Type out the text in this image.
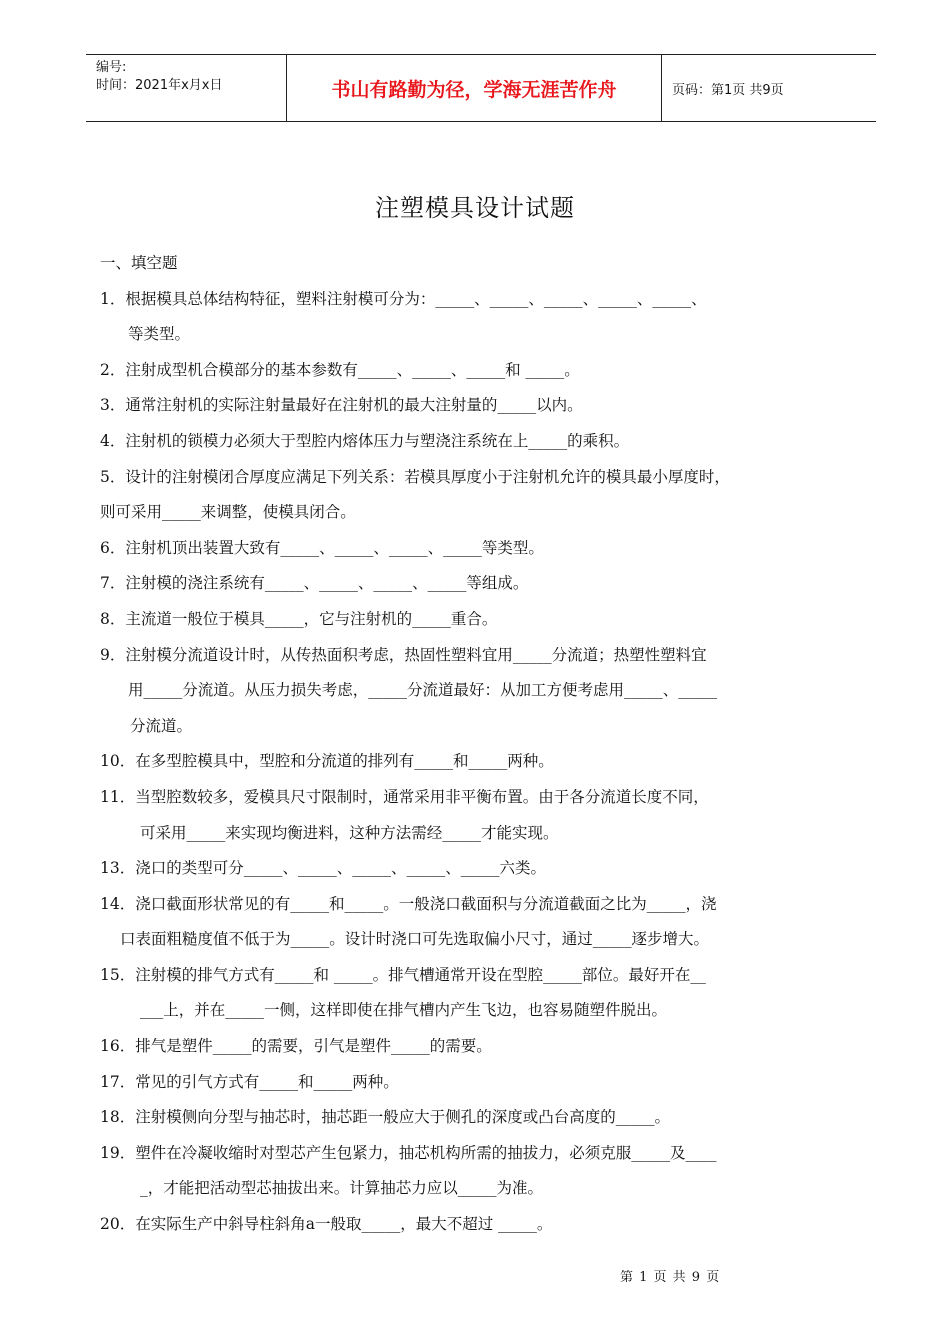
编号:
时间：2021年x月x日	书山有路勤为径，学海无涯苦作舟	页码：第1页 共9页
注塑模具设计试题
一、填空题
1．根据模具总体结构特征，塑料注射模可分为：_____、_____、_____、_____、_____、
等类型。
2．注射成型机合模部分的基本参数有_____、_____、_____和 _____。
3．通常注射机的实际注射量最好在注射机的最大注射量的_____以内。
4．注射机的锁模力必须大于型腔内熔体压力与塑浇注系统在上_____的乘积。
5．设计的注射模闭合厚度应满足下列关系：若模具厚度小于注射机允许的模具最小厚度时，
则可采用_____来调整，使模具闭合。
6．注射机顶出装置大致有_____、_____、_____、_____等类型。
7．注射模的浇注系统有_____、_____、_____、_____等组成。
8．主流道一般位于模具_____，它与注射机的_____重合。
9．注射模分流道设计时，从传热面积考虑，热固性塑料宜用_____分流道；热塑性塑料宜
用_____分流道。从压力损失考虑，_____分流道最好：从加工方便考虑用_____、_____
分流道。
10．在多型腔模具中，型腔和分流道的排列有_____和_____两种。
11．当型腔数较多，爱模具尺寸限制时，通常采用非平衡布置。由于各分流道长度不同，
可采用_____来实现均衡进料，这种方法需经_____才能实现。
13．浇口的类型可分_____、_____、_____、_____、_____六类。
14．浇口截面形状常见的有_____和_____。一般浇口截面积与分流道截面之比为_____，浇
口表面粗糙度值不低于为_____。设计时浇口可先选取偏小尺寸，通过_____逐步增大。
15．注射模的排气方式有_____和 _____。排气槽通常开设在型腔_____部位。最好开在__
___上，并在_____一侧，这样即使在排气槽内产生飞边，也容易随塑件脱出。
16．排气是塑件_____的需要，引气是塑件_____的需要。
17．常见的引气方式有_____和_____两种。
18．注射模侧向分型与抽芯时，抽芯距一般应大于侧孔的深度或凸台高度的_____。
19．塑件在冷凝收缩时对型芯产生包紧力，抽芯机构所需的抽拔力，必须克服_____及____
_，才能把活动型芯抽拔出来。计算抽芯力应以_____为准。
20．在实际生产中斜导柱斜角a一般取_____，最大不超过 _____。
第 1 页 共 9 页
